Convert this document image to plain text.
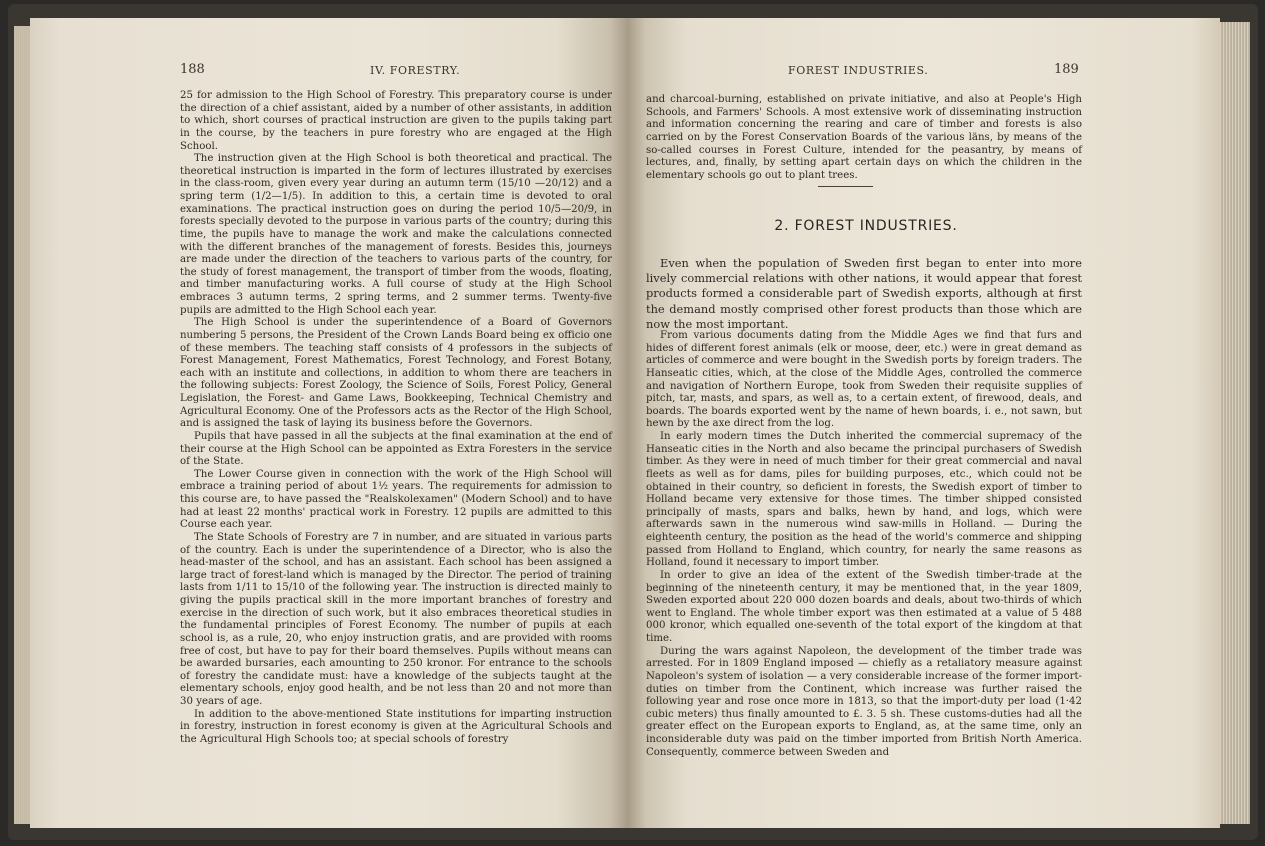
188	IV. FORESTRY.

25 for admission to the High School of Forestry. This preparatory course is under the direction of a chief assistant, aided by a number of other assistants, in addition to which, short courses of practical instruction are given to the pupils taking part in the course, by the teachers in pure forestry who are engaged at the High School.

The instruction given at the High School is both theoretical and practical. The theoretical instruction is imparted in the form of lectures illustrated by exercises in the class-room, given every year during an autumn term (15/10 —20/12) and a spring term (1/2—1/5). In addition to this, a certain time is devoted to oral examinations. The practical instruction goes on during the period 10/5—20/9, in forests specially devoted to the purpose in various parts of the country; during this time, the pupils have to manage the work and make the calculations connected with the different branches of the management of forests. Besides this, journeys are made under the direction of the teachers to various parts of the country, for the study of forest management, the transport of timber from the woods, floating, and timber manufacturing works. A full course of study at the High School embraces 3 autumn terms, 2 spring terms, and 2 summer terms. Twenty-five pupils are admitted to the High School each year.

The High School is under the superintendence of a Board of Governors numbering 5 persons, the President of the Crown Lands Board being ex officio one of these members. The teaching staff consists of 4 professors in the subjects of Forest Management, Forest Mathematics, Forest Technology, and Forest Botany, each with an institute and collections, in addition to whom there are teachers in the following subjects: Forest Zoology, the Science of Soils, Forest Policy, General Legislation, the Forest- and Game Laws, Bookkeeping, Technical Chemistry and Agricultural Economy. One of the Professors acts as the Rector of the High School, and is assigned the task of laying its business before the Governors.

Pupils that have passed in all the subjects at the final examination at the end of their course at the High School can be appointed as Extra Foresters in the service of the State.

The Lower Course given in connection with the work of the High School will embrace a training period of about 1½ years. The requirements for admission to this course are, to have passed the "Realskolexamen" (Modern School) and to have had at least 22 months' practical work in Forestry. 12 pupils are admitted to this Course each year.

The State Schools of Forestry are 7 in number, and are situated in various parts of the country. Each is under the superintendence of a Director, who is also the head-master of the school, and has an assistant. Each school has been assigned a large tract of forest-land which is managed by the Director. The period of training lasts from 1/11 to 15/10 of the following year. The instruction is directed mainly to giving the pupils practical skill in the more important branches of forestry and exercise in the direction of such work, but it also embraces theoretical studies in the fundamental principles of Forest Economy. The number of pupils at each school is, as a rule, 20, who enjoy instruction gratis, and are provided with rooms free of cost, but have to pay for their board themselves. Pupils without means can be awarded bursaries, each amounting to 250 kronor. For entrance to the schools of forestry the candidate must: have a knowledge of the subjects taught at the elementary schools, enjoy good health, and be not less than 20 and not more than 30 years of age.

In addition to the above-mentioned State institutions for imparting instruction in forestry, instruction in forest economy is given at the Agricultural Schools and the Agricultural High Schools too; at special schools of forestry

FOREST INDUSTRIES.	189

and charcoal-burning, established on private initiative, and also at People's High Schools, and Farmers' Schools. A most extensive work of disseminating instruction and information concerning the rearing and care of timber and forests is also carried on by the Forest Conservation Boards of the various läns, by means of the so-called courses in Forest Culture, intended for the peasantry, by means of lectures, and, finally, by setting apart certain days on which the children in the elementary schools go out to plant trees.

2. FOREST INDUSTRIES.

Even when the population of Sweden first began to enter into more lively commercial relations with other nations, it would appear that forest products formed a considerable part of Swedish exports, although at first the demand mostly comprised other forest products than those which are now the most important.

From various documents dating from the Middle Ages we find that furs and hides of different forest animals (elk or moose, deer, etc.) were in great demand as articles of commerce and were bought in the Swedish ports by foreign traders. The Hanseatic cities, which, at the close of the Middle Ages, controlled the commerce and navigation of Northern Europe, took from Sweden their requisite supplies of pitch, tar, masts, and spars, as well as, to a certain extent, of firewood, deals, and boards. The boards exported went by the name of hewn boards, i. e., not sawn, but hewn by the axe direct from the log.

In early modern times the Dutch inherited the commercial supremacy of the Hanseatic cities in the North and also became the principal purchasers of Swedish timber. As they were in need of much timber for their great commercial and naval fleets as well as for dams, piles for building purposes, etc., which could not be obtained in their country, so deficient in forests, the Swedish export of timber to Holland became very extensive for those times. The timber shipped consisted principally of masts, spars and balks, hewn by hand, and logs, which were afterwards sawn in the numerous wind saw-mills in Holland. — During the eighteenth century, the position as the head of the world's commerce and shipping passed from Holland to England, which country, for nearly the same reasons as Holland, found it necessary to import timber.

In order to give an idea of the extent of the Swedish timber-trade at the beginning of the nineteenth century, it may be mentioned that, in the year 1809, Sweden exported about 220 000 dozen boards and deals, about two-thirds of which went to England. The whole timber export was then estimated at a value of 5 488 000 kronor, which equalled one-seventh of the total export of the kingdom at that time.

During the wars against Napoleon, the development of the timber trade was arrested. For in 1809 England imposed — chiefly as a retaliatory measure against Napoleon's system of isolation — a very considerable increase of the former import-duties on timber from the Continent, which increase was further raised the following year and rose once more in 1813, so that the import-duty per load (1·42 cubic meters) thus finally amounted to £. 3. 5 sh. These customs-duties had all the greater effect on the European exports to England, as, at the same time, only an inconsiderable duty was paid on the timber imported from British North America. Consequently, commerce between Sweden and
